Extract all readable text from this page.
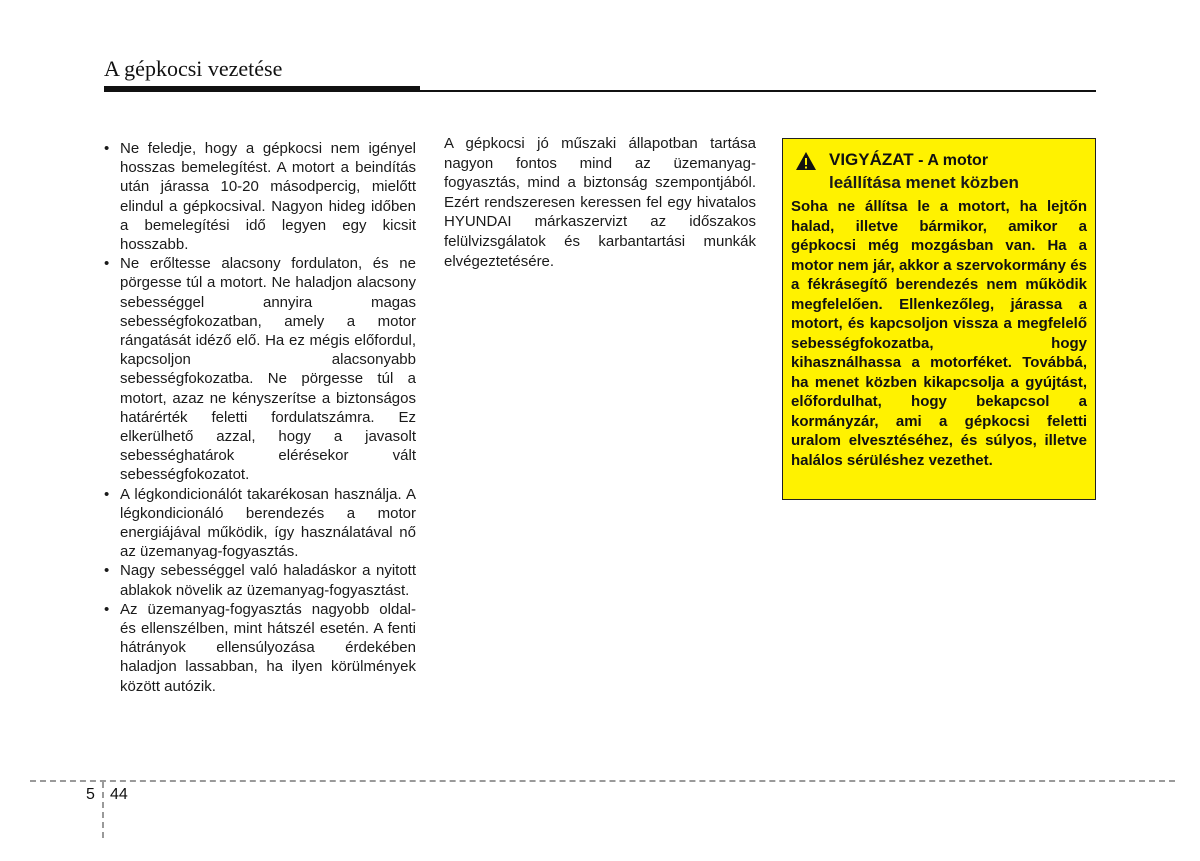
A gépkocsi vezetése
• Ne feledje, hogy a gépkocsi nem igényel hosszas bemelegítést. A motort a beindítás után járassa 10-20 másodpercig, mielőtt elindul a gépkocsival. Nagyon hideg időben a bemelegítési idő legyen egy kicsit hosszabb.
• Ne erőltesse alacsony fordulaton, és ne pörgesse túl a motort. Ne haladjon alacsony sebességgel annyira magas sebességfokozatban, amely a motor rángatását idéző elő. Ha ez mégis előfordul, kapcsoljon alacsonyabb sebességfokozatba. Ne pörgesse túl a motort, azaz ne kényszerítse a biztonságos határérték feletti fordulatszámra. Ez elkerülhető azzal, hogy a javasolt sebességhatárok elérésekor vált sebességfokozatot.
• A légkondicionálót takarékosan használja. A légkondicionáló berendezés a motor energiájával működik, így használatával nő az üzemanyag-fogyasztás.
• Nagy sebességgel való haladáskor a nyitott ablakok növelik az üzemanyag-fogyasztást.
• Az üzemanyag-fogyasztás nagyobb oldal- és ellenszélben, mint hátszél esetén. A fenti hátrányok ellensúlyozása érdekében haladjon lassabban, ha ilyen körülmények között autózik.
A gépkocsi jó műszaki állapotban tartása nagyon fontos mind az üzemanyag-fogyasztás, mind a biztonság szempontjából. Ezért rendszeresen keressen fel egy hivatalos HYUNDAI márkaszervizt az időszakos felülvizsgálatok és karbantartási munkák elvégeztetésére.
VIGYÁZAT - A motor
leállítása menet közben
Soha ne állítsa le a motort, ha lejtőn halad, illetve bármikor, amikor a gépkocsi még mozgásban van. Ha a motor nem jár, akkor a szervokormány és a fékrásegítő berendezés nem működik megfelelően. Ellenkezőleg, járassa a motort, és kapcsoljon vissza a megfelelő sebességfokozatba, hogy kihasználhassa a motorféket. Továbbá, ha menet közben kikapcsolja a gyújtást, előfordulhat, hogy bekapcsol a kormányzár, ami a gépkocsi feletti uralom elvesztéséhez, és súlyos, illetve halálos sérüléshez vezethet.
5 44
